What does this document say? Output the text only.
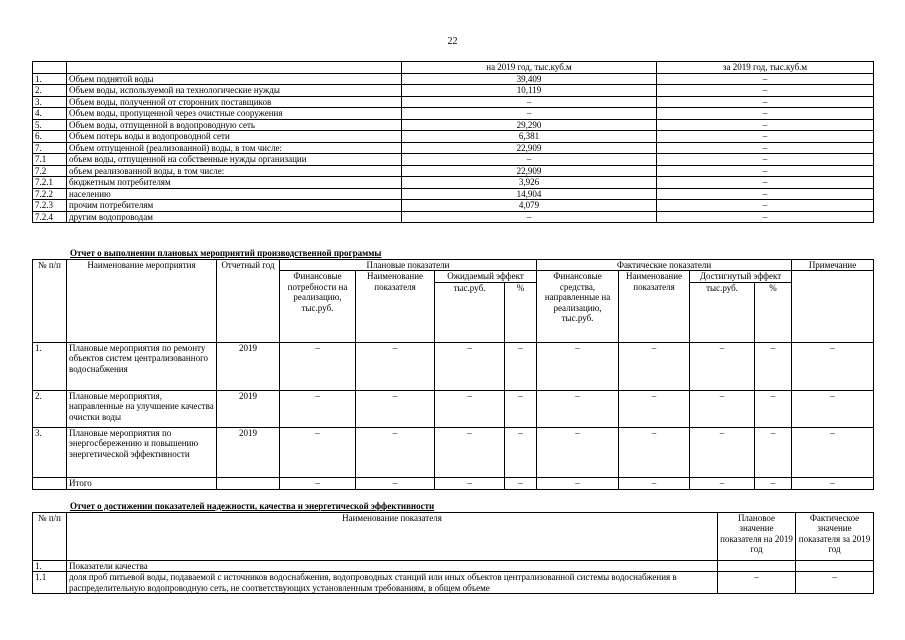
22
		на 2019 год, тыс.куб.м	за 2019 год, тыс.куб.м
1.	Объем поднятой воды	39,409	–
2.	Объем воды, используемой на технологические нужды	10,119	–
3.	Объем воды, полученной от сторонних поставщиков	–	–
4.	Объем воды, пропущенной через очистные сооружения	–	–
5.	Объем воды, отпущенной в водопроводную сеть	29,290	–
6.	Объем потерь воды в водопроводной сети	6,381	–
7.	Объем отпущенной (реализованной) воды, в том числе:	22,909	–
7.1	объем воды, отпущенной на собственные нужды организации	–	–
7.2	объем реализованной воды, в том числе:	22,909	–
7.2.1	бюджетным потребителям	3,926	–
7.2.2	населению	14,904	–
7.2.3	прочим потребителям	4,079	–
7.2.4	другим водопроводам	–	–
Отчет о выполнении плановых мероприятий производственной программы
№ п/п	Наименование мероприятия	Отчетный год	Плановые показатели				Фактические показатели				Примечание	
			Финансовые потребности на реализацию, тыс.руб.	Наименование показателя	Ожидаемый эффект		Финансовые средства, направленные на реализацию, тыс.руб.	Наименование показателя	Достигнутый эффект			
					тыс.руб.	%			тыс.руб.	%		
1.	Плановые мероприятия по ремонту объектов систем централизованного водоснабжения	2019	–	–	–	–	–	–	–	–	–	
2.	Плановые мероприятия, направленные на улучшение качества очистки воды	2019	–	–	–	–	–	–	–	–	–	
3.	Плановые мероприятия по энергосбережению и повышению энергетической эффективности	2019	–	–	–	–	–	–	–	–	–	
	Итого		–	–	–	–	–	–	–	–	–	
Отчет о достижении показателей надежности, качества и энергетической эффективности
№ п/п	Наименование показателя	Плановое значение показателя на 2019 год	Фактическое значение показателя за 2019 год
1.	Показатели качества		
1.1	доля проб питьевой воды, подаваемой с источников водоснабжения, водопроводных станций или иных объектов централизованной системы водоснабжения в распределительную водопроводную сеть, не соответствующих установленным требованиям, в общем объеме	–	–
